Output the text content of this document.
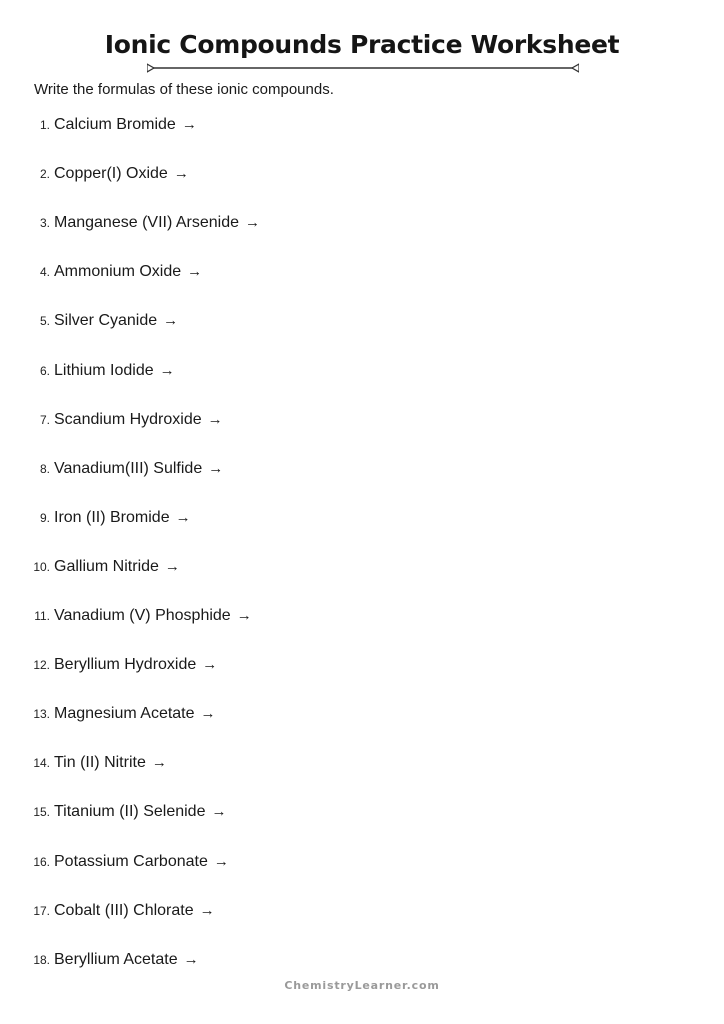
Ionic Compounds Practice Worksheet
Write the formulas of these ionic compounds.
1. Calcium Bromide →
2. Copper(I) Oxide →
3. Manganese (VII) Arsenide →
4. Ammonium Oxide →
5. Silver Cyanide →
6. Lithium Iodide →
7. Scandium Hydroxide →
8. Vanadium(III) Sulfide →
9. Iron (II) Bromide →
10. Gallium Nitride →
11. Vanadium (V) Phosphide →
12. Beryllium Hydroxide →
13. Magnesium Acetate →
14. Tin (II) Nitrite →
15. Titanium (II) Selenide →
16. Potassium Carbonate →
17. Cobalt (III) Chlorate →
18. Beryllium Acetate →
ChemistryLearner.com
